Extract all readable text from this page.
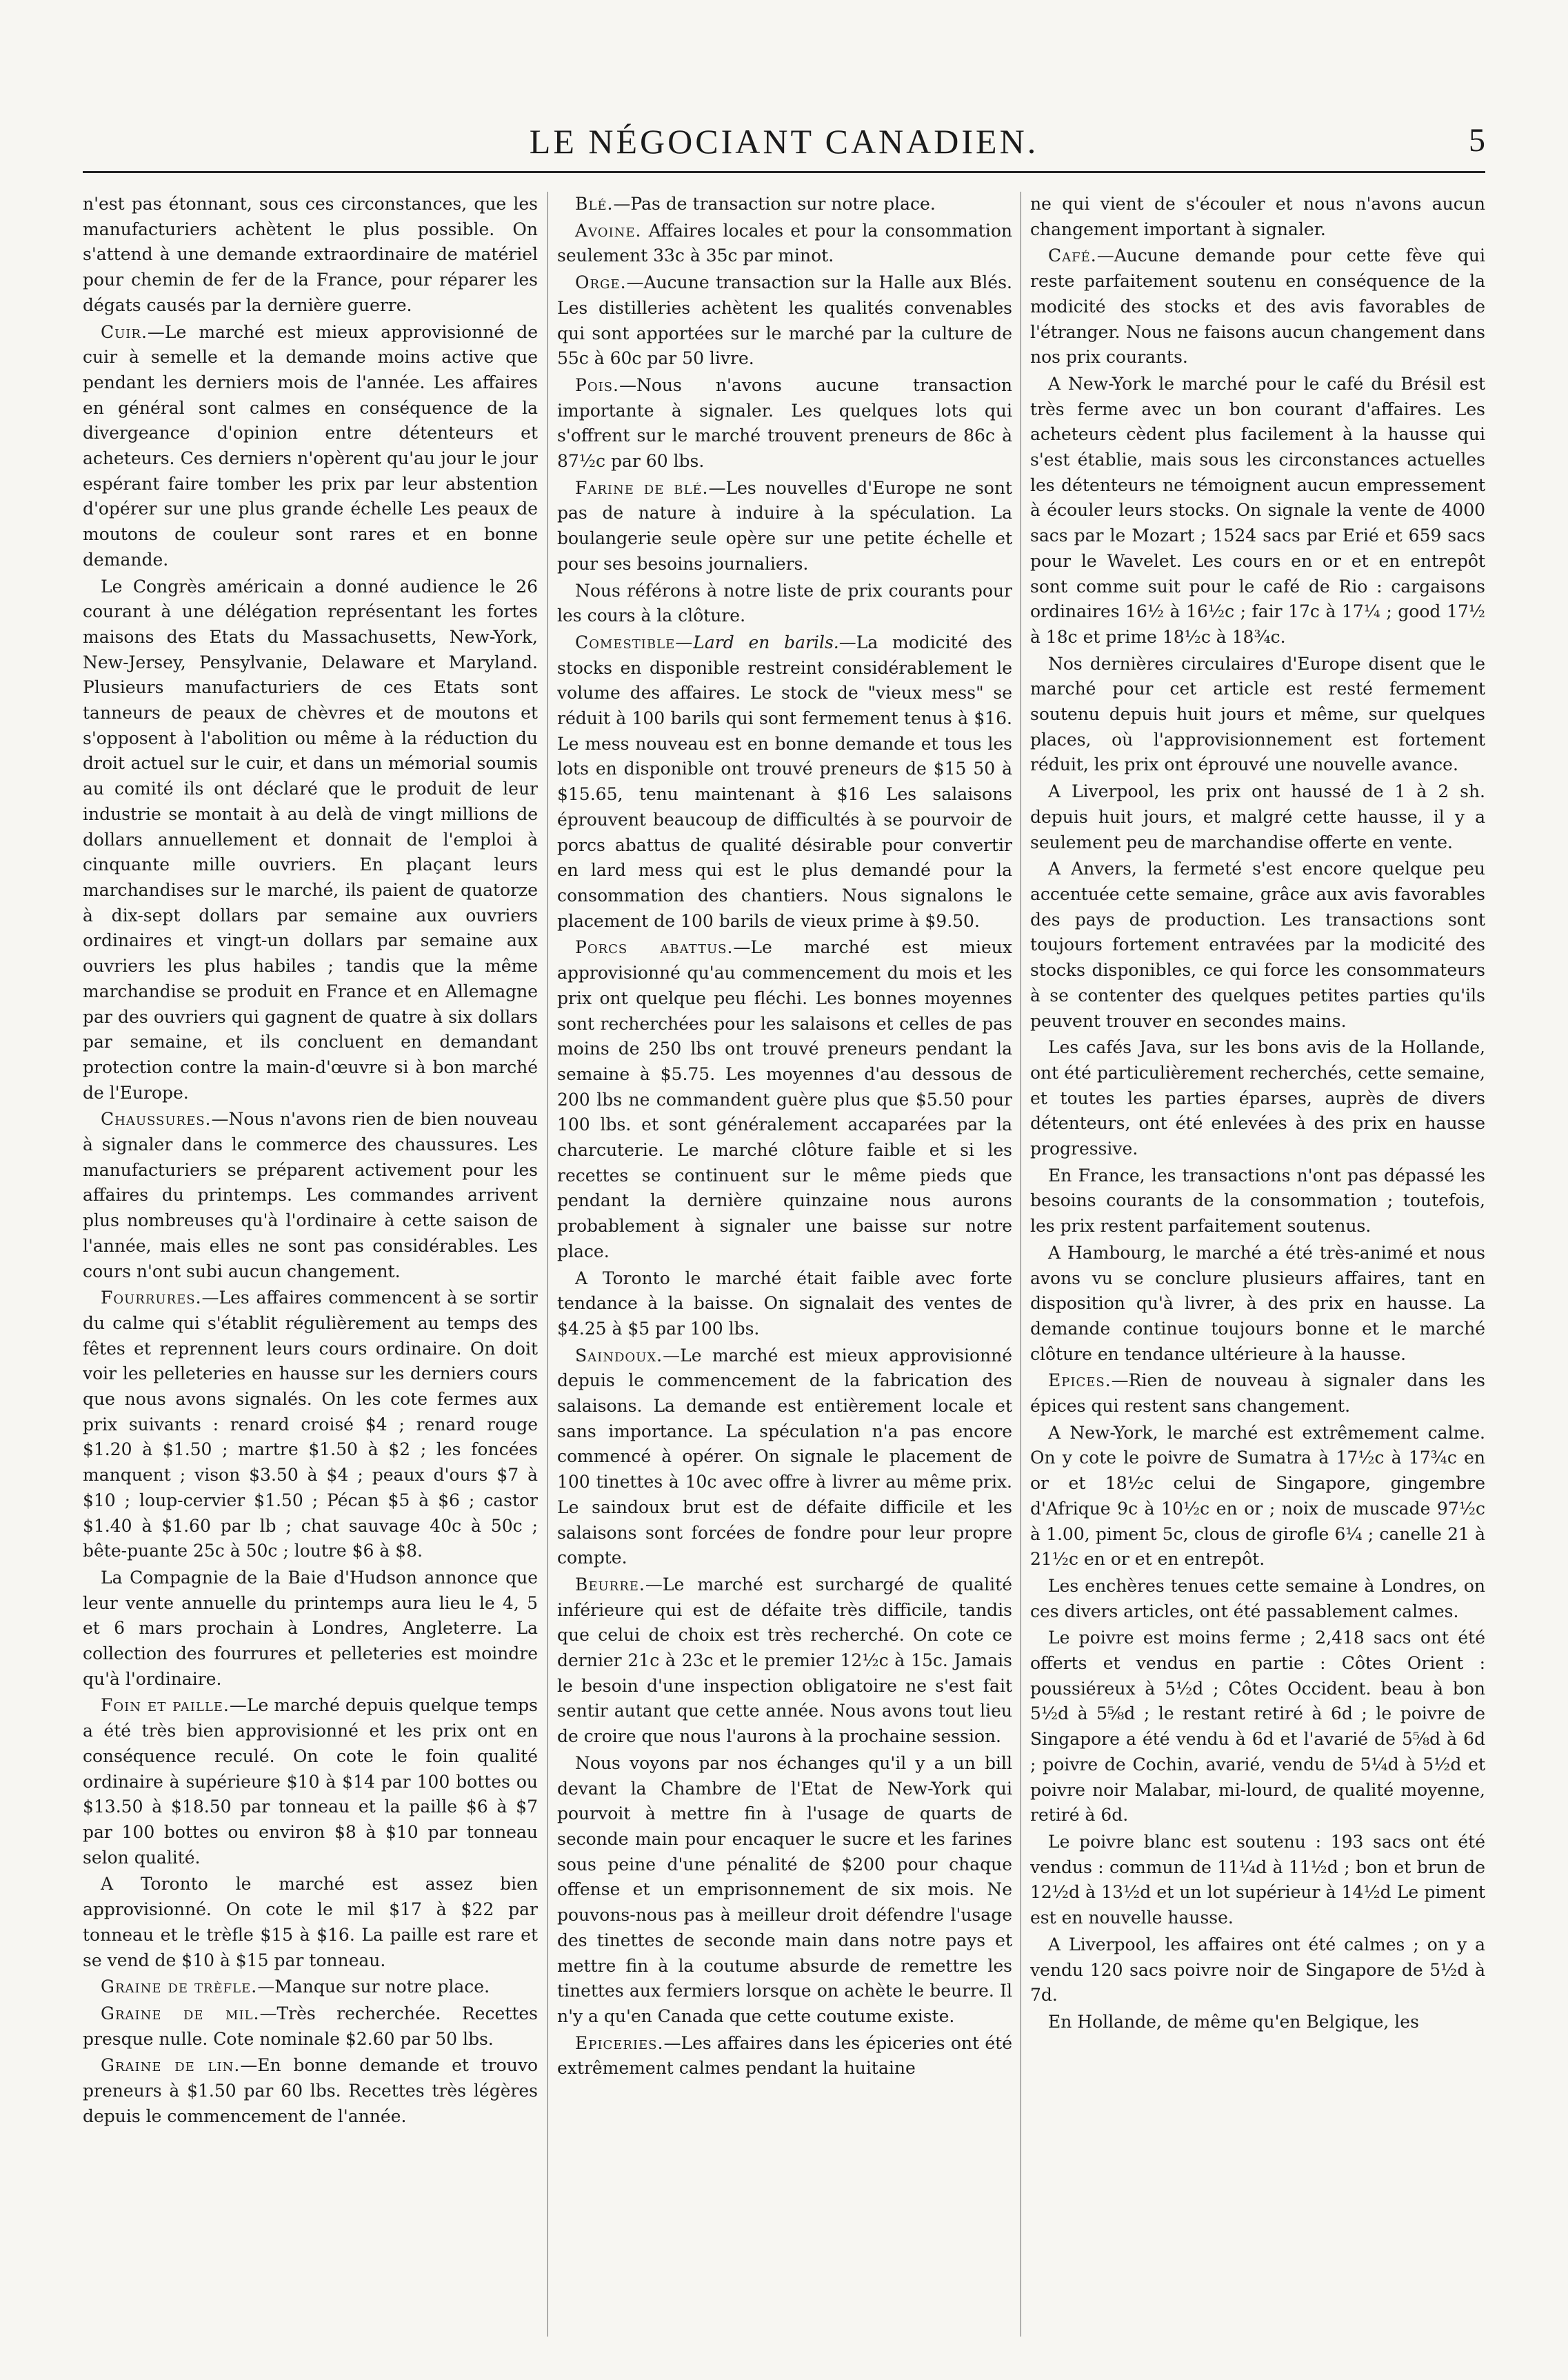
LE NÉGOCIANT CANADIEN.	5

n'est pas étonnant, sous ces circonstances, que les manufacturiers achètent le plus possible. On s'attend à une demande extraordinaire de matériel pour chemin de fer de la France, pour réparer les dégats causés par la dernière guerre.

Cuir.—Le marché est mieux approvisionné de cuir à semelle et la demande moins active que pendant les derniers mois de l'année. Les affaires en général sont calmes en conséquence de la divergeance d'opinion entre détenteurs et acheteurs. Ces derniers n'opèrent qu'au jour le jour espérant faire tomber les prix par leur abstention d'opérer sur une plus grande échelle Les peaux de moutons de couleur sont rares et en bonne demande.

Le Congrès américain a donné audience le 26 courant à une délégation représentant les fortes maisons des Etats du Massachusetts, New-York, New-Jersey, Pensylvanie, Delaware et Maryland. Plusieurs manufacturiers de ces Etats sont tanneurs de peaux de chèvres et de moutons et s'opposent à l'abolition ou même à la réduction du droit actuel sur le cuir, et dans un mémorial soumis au comité ils ont déclaré que le produit de leur industrie se montait à au delà de vingt millions de dollars annuellement et donnait de l'emploi à cinquante mille ouvriers. En plaçant leurs marchandises sur le marché, ils paient de quatorze à dix-sept dollars par semaine aux ouvriers ordinaires et vingt-un dollars par semaine aux ouvriers les plus habiles ; tandis que la même marchandise se produit en France et en Allemagne par des ouvriers qui gagnent de quatre à six dollars par semaine, et ils concluent en demandant protection contre la main-d'œuvre si à bon marché de l'Europe.

Chaussures.—Nous n'avons rien de bien nouveau à signaler dans le commerce des chaussures. Les manufacturiers se préparent activement pour les affaires du printemps. Les commandes arrivent plus nombreuses qu'à l'ordinaire à cette saison de l'année, mais elles ne sont pas considérables. Les cours n'ont subi aucun changement.

Fourrures.—Les affaires commencent à se sortir du calme qui s'établit régulièrement au temps des fêtes et reprennent leurs cours ordinaire. On doit voir les pelleteries en hausse sur les derniers cours que nous avons signalés. On les cote fermes aux prix suivants : renard croisé $4 ; renard rouge $1.20 à $1.50 ; martre $1.50 à $2 ; les foncées manquent ; vison $3.50 à $4 ; peaux d'ours $7 à $10 ; loup-cervier $1.50 ; Pécan $5 à $6 ; castor $1.40 à $1.60 par lb ; chat sauvage 40c à 50c ; bête-puante 25c à 50c ; loutre $6 à $8.

La Compagnie de la Baie d'Hudson annonce que leur vente annuelle du printemps aura lieu le 4, 5 et 6 mars prochain à Londres, Angleterre. La collection des fourrures et pelleteries est moindre qu'à l'ordinaire.

Foin et paille.—Le marché depuis quelque temps a été très bien approvisionné et les prix ont en conséquence reculé. On cote le foin qualité ordinaire à supérieure $10 à $14 par 100 bottes ou $13.50 à $18.50 par tonneau et la paille $6 à $7 par 100 bottes ou environ $8 à $10 par tonneau selon qualité.

A Toronto le marché est assez bien approvisionné. On cote le mil $17 à $22 par tonneau et le trèfle $15 à $16. La paille est rare et se vend de $10 à $15 par tonneau.

Graine de trèfle.—Manque sur notre place.

Graine de mil.—Très recherchée. Recettes presque nulle. Cote nominale $2.60 par 50 lbs.

Graine de lin.—En bonne demande et trouvo preneurs à $1.50 par 60 lbs. Recettes très légères depuis le commencement de l'année.

Blé.—Pas de transaction sur notre place.

Avoine. Affaires locales et pour la consommation seulement 33c à 35c par minot.

Orge.—Aucune transaction sur la Halle aux Blés. Les distilleries achètent les qualités convenables qui sont apportées sur le marché par la culture de 55c à 60c par 50 livre.

Pois.—Nous n'avons aucune transaction importante à signaler. Les quelques lots qui s'offrent sur le marché trouvent preneurs de 86c à 87½c par 60 lbs.

Farine de blé.—Les nouvelles d'Europe ne sont pas de nature à induire à la spéculation. La boulangerie seule opère sur une petite échelle et pour ses besoins journaliers.

Nous référons à notre liste de prix courants pour les cours à la clôture.

Comestible—Lard en barils.—La modicité des stocks en disponible restreint considérablement le volume des affaires. Le stock de "vieux mess" se réduit à 100 barils qui sont fermement tenus à $16. Le mess nouveau est en bonne demande et tous les lots en disponible ont trouvé preneurs de $15 50 à $15.65, tenu maintenant à $16 Les salaisons éprouvent beaucoup de difficultés à se pourvoir de porcs abattus de qualité désirable pour convertir en lard mess qui est le plus demandé pour la consommation des chantiers. Nous signalons le placement de 100 barils de vieux prime à $9.50.

Porcs abattus.—Le marché est mieux approvisionné qu'au commencement du mois et les prix ont quelque peu fléchi. Les bonnes moyennes sont recherchées pour les salaisons et celles de pas moins de 250 lbs ont trouvé preneurs pendant la semaine à $5.75. Les moyennes d'au dessous de 200 lbs ne commandent guère plus que $5.50 pour 100 lbs. et sont généralement accaparées par la charcuterie. Le marché clôture faible et si les recettes se continuent sur le même pieds que pendant la dernière quinzaine nous aurons probablement à signaler une baisse sur notre place.

A Toronto le marché était faible avec forte tendance à la baisse. On signalait des ventes de $4.25 à $5 par 100 lbs.

Saindoux.—Le marché est mieux approvisionné depuis le commencement de la fabrication des salaisons. La demande est entièrement locale et sans importance. La spéculation n'a pas encore commencé à opérer. On signale le placement de 100 tinettes à 10c avec offre à livrer au même prix. Le saindoux brut est de défaite difficile et les salaisons sont forcées de fondre pour leur propre compte.

Beurre.—Le marché est surchargé de qualité inférieure qui est de défaite très difficile, tandis que celui de choix est très recherché. On cote ce dernier 21c à 23c et le premier 12½c à 15c. Jamais le besoin d'une inspection obligatoire ne s'est fait sentir autant que cette année. Nous avons tout lieu de croire que nous l'aurons à la prochaine session.

Nous voyons par nos échanges qu'il y a un bill devant la Chambre de l'Etat de New-York qui pourvoit à mettre fin à l'usage de quarts de seconde main pour encaquer le sucre et les farines sous peine d'une pénalité de $200 pour chaque offense et un emprisonnement de six mois. Ne pouvons-nous pas à meilleur droit défendre l'usage des tinettes de seconde main dans notre pays et mettre fin à la coutume absurde de remettre les tinettes aux fermiers lorsque on achète le beurre. Il n'y a qu'en Canada que cette coutume existe.

Epiceries.—Les affaires dans les épiceries ont été extrêmement calmes pendant la huitaine

ne qui vient de s'écouler et nous n'avons aucun changement important à signaler.

Café.—Aucune demande pour cette fève qui reste parfaitement soutenu en conséquence de la modicité des stocks et des avis favorables de l'étranger. Nous ne faisons aucun changement dans nos prix courants.

A New-York le marché pour le café du Brésil est très ferme avec un bon courant d'affaires. Les acheteurs cèdent plus facilement à la hausse qui s'est établie, mais sous les circonstances actuelles les détenteurs ne témoignent aucun empressement à écouler leurs stocks. On signale la vente de 4000 sacs par le Mozart ; 1524 sacs par Erié et 659 sacs pour le Wavelet. Les cours en or et en entrepôt sont comme suit pour le café de Rio : cargaisons ordinaires 16½ à 16½c ; fair 17c à 17¼ ; good 17½ à 18c et prime 18½c à 18¾c.

Nos dernières circulaires d'Europe disent que le marché pour cet article est resté fermement soutenu depuis huit jours et même, sur quelques places, où l'approvisionnement est fortement réduit, les prix ont éprouvé une nouvelle avance.

A Liverpool, les prix ont haussé de 1 à 2 sh. depuis huit jours, et malgré cette hausse, il y a seulement peu de marchandise offerte en vente.

A Anvers, la fermeté s'est encore quelque peu accentuée cette semaine, grâce aux avis favorables des pays de production. Les transactions sont toujours fortement entravées par la modicité des stocks disponibles, ce qui force les consommateurs à se contenter des quelques petites parties qu'ils peuvent trouver en secondes mains.

Les cafés Java, sur les bons avis de la Hollande, ont été particulièrement recherchés, cette semaine, et toutes les parties éparses, auprès de divers détenteurs, ont été enlevées à des prix en hausse progressive.

En France, les transactions n'ont pas dépassé les besoins courants de la consommation ; toutefois, les prix restent parfaitement soutenus.

A Hambourg, le marché a été très-animé et nous avons vu se conclure plusieurs affaires, tant en disposition qu'à livrer, à des prix en hausse. La demande continue toujours bonne et le marché clôture en tendance ultérieure à la hausse.

Epices.—Rien de nouveau à signaler dans les épices qui restent sans changement.

A New-York, le marché est extrêmement calme. On y cote le poivre de Sumatra à 17½c à 17¾c en or et 18½c celui de Singapore, gingembre d'Afrique 9c à 10½c en or ; noix de muscade 97½c à 1.00, piment 5c, clous de girofle 6¼ ; canelle 21 à 21½c en or et en entrepôt.

Les enchères tenues cette semaine à Londres, on ces divers articles, ont été passablement calmes.

Le poivre est moins ferme ; 2,418 sacs ont été offerts et vendus en partie : Côtes Orient : poussiéreux à 5½d ; Côtes Occident. beau à bon 5½d à 5⅝d ; le restant retiré à 6d ; le poivre de Singapore a été vendu à 6d et l'avarié de 5⅝d à 6d ; poivre de Cochin, avarié, vendu de 5¼d à 5½d et poivre noir Malabar, mi-lourd, de qualité moyenne, retiré à 6d.

Le poivre blanc est soutenu : 193 sacs ont été vendus : commun de 11¼d à 11½d ; bon et brun de 12½d à 13½d et un lot supérieur à 14½d Le piment est en nouvelle hausse.

A Liverpool, les affaires ont été calmes ; on y a vendu 120 sacs poivre noir de Singapore de 5½d à 7d.

En Hollande, de même qu'en Belgique, les
